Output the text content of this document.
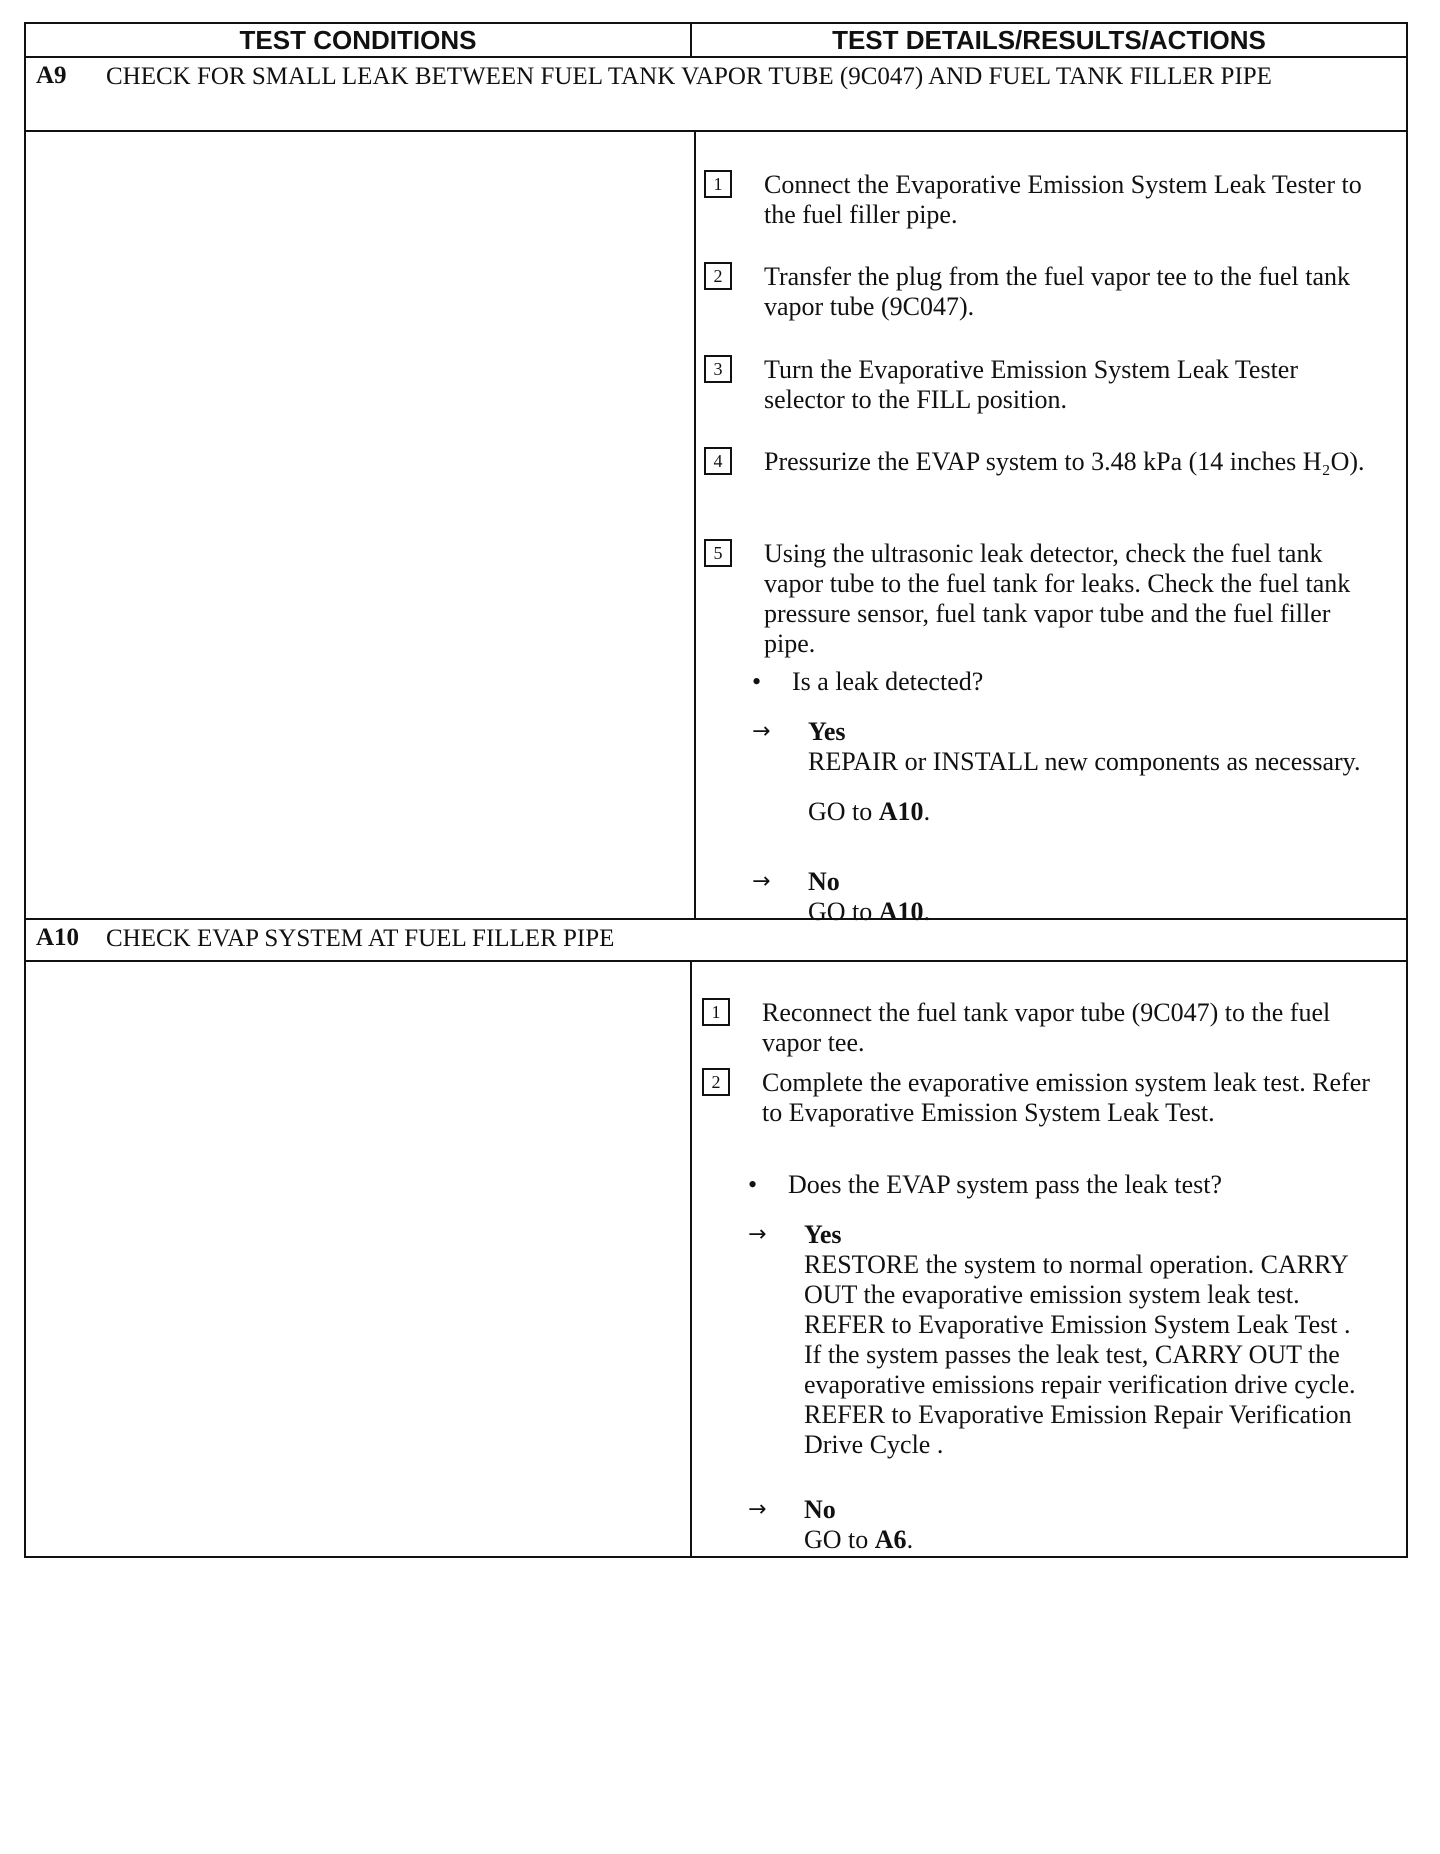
TEST CONDITIONS	TEST DETAILS/RESULTS/ACTIONS
A9 CHECK FOR SMALL LEAK BETWEEN FUEL TANK VAPOR TUBE (9C047) AND FUEL TANK FILLER PIPE
1	Connect the Evaporative Emission System Leak Tester to the fuel filler pipe.
2	Transfer the plug from the fuel vapor tee to the fuel tank vapor tube (9C047).
3	Turn the Evaporative Emission System Leak Tester selector to the FILL position.
4	Pressurize the EVAP system to 3.48 kPa (14 inches H₂O).
5	Using the ultrasonic leak detector, check the fuel tank vapor tube to the fuel tank for leaks. Check the fuel tank pressure sensor, fuel tank vapor tube and the fuel filler pipe.
• Is a leak detected?
→ Yes
REPAIR or INSTALL new components as necessary.
GO to A10.
→ No
GO to A10.
A10 CHECK EVAP SYSTEM AT FUEL FILLER PIPE
1	Reconnect the fuel tank vapor tube (9C047) to the fuel vapor tee.
2	Complete the evaporative emission system leak test. Refer to Evaporative Emission System Leak Test.
• Does the EVAP system pass the leak test?
→ Yes
RESTORE the system to normal operation. CARRY OUT the evaporative emission system leak test. REFER to Evaporative Emission System Leak Test . If the system passes the leak test, CARRY OUT the evaporative emissions repair verification drive cycle. REFER to Evaporative Emission Repair Verification Drive Cycle .
→ No
GO to A6.
